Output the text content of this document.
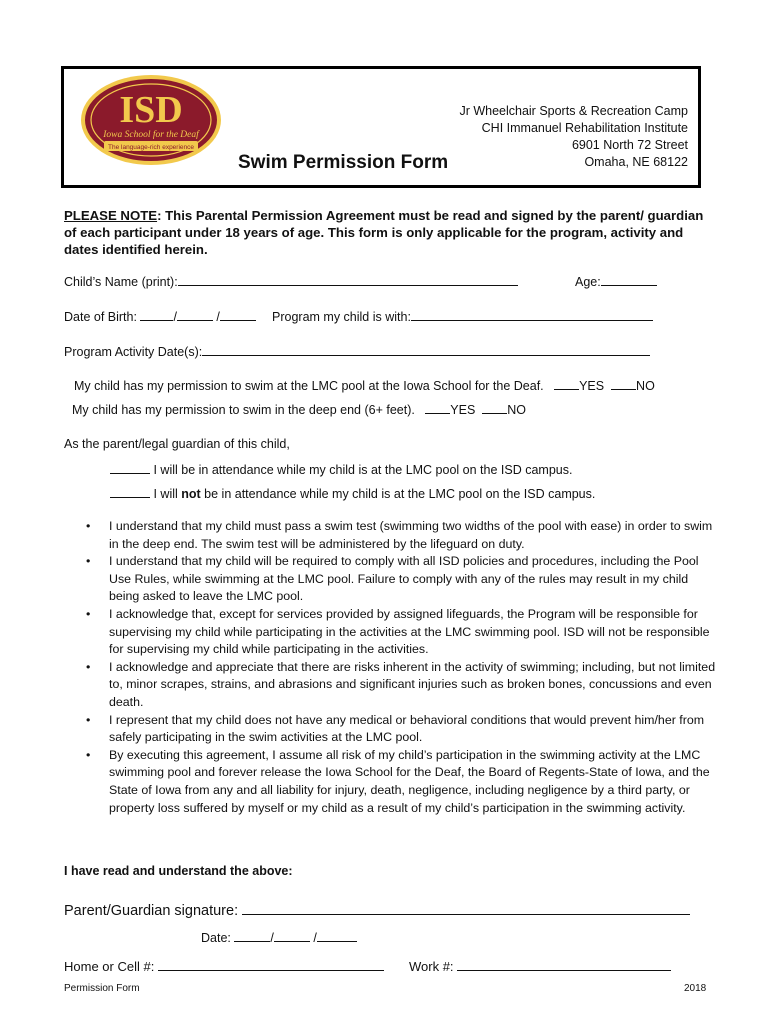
ISD
Iowa School for the Deaf
The language-rich experience
Swim Permission Form
Jr Wheelchair Sports & Recreation Camp
CHI Immanuel Rehabilitation Institute
6901 North 72 Street
Omaha, NE 68122
PLEASE NOTE: This Parental Permission Agreement must be read and signed by the parent/ guardian of each participant under 18 years of age. This form is only applicable for the program, activity and dates identified herein.
Child’s Name (print):	Age:
Date of Birth:	/	/	Program my child is with:
Program Activity Date(s):
My child has my permission to swim at the LMC pool at the Iowa School for the Deaf.	YES	NO
My child has my permission to swim in the deep end (6+ feet).	YES	NO
As the parent/legal guardian of this child,
I will be in attendance while my child is at the LMC pool on the ISD campus.
I will not be in attendance while my child is at the LMC pool on the ISD campus.
• I understand that my child must pass a swim test (swimming two widths of the pool with ease) in order to swim in the deep end. The swim test will be administered by the lifeguard on duty.
• I understand that my child will be required to comply with all ISD policies and procedures, including the Pool Use Rules, while swimming at the LMC pool. Failure to comply with any of the rules may result in my child being asked to leave the LMC pool.
• I acknowledge that, except for services provided by assigned lifeguards, the Program will be responsible for supervising my child while participating in the activities at the LMC swimming pool. ISD will not be responsible for supervising my child while participating in the activities.
• I acknowledge and appreciate that there are risks inherent in the activity of swimming; including, but not limited to, minor scrapes, strains, and abrasions and significant injuries such as broken bones, concussions and even death.
• I represent that my child does not have any medical or behavioral conditions that would prevent him/her from safely participating in the swim activities at the LMC pool.
• By executing this agreement, I assume all risk of my child’s participation in the swimming activity at the LMC swimming pool and forever release the Iowa School for the Deaf, the Board of Regents-State of Iowa, and the State of Iowa from any and all liability for injury, death, negligence, including negligence by a third party, or property loss suffered by myself or my child as a result of my child’s participation in the swimming activity.
I have read and understand the above:
Parent/Guardian signature:
Date:	/	/
Home or Cell #:	Work #:
Permission Form	2018
